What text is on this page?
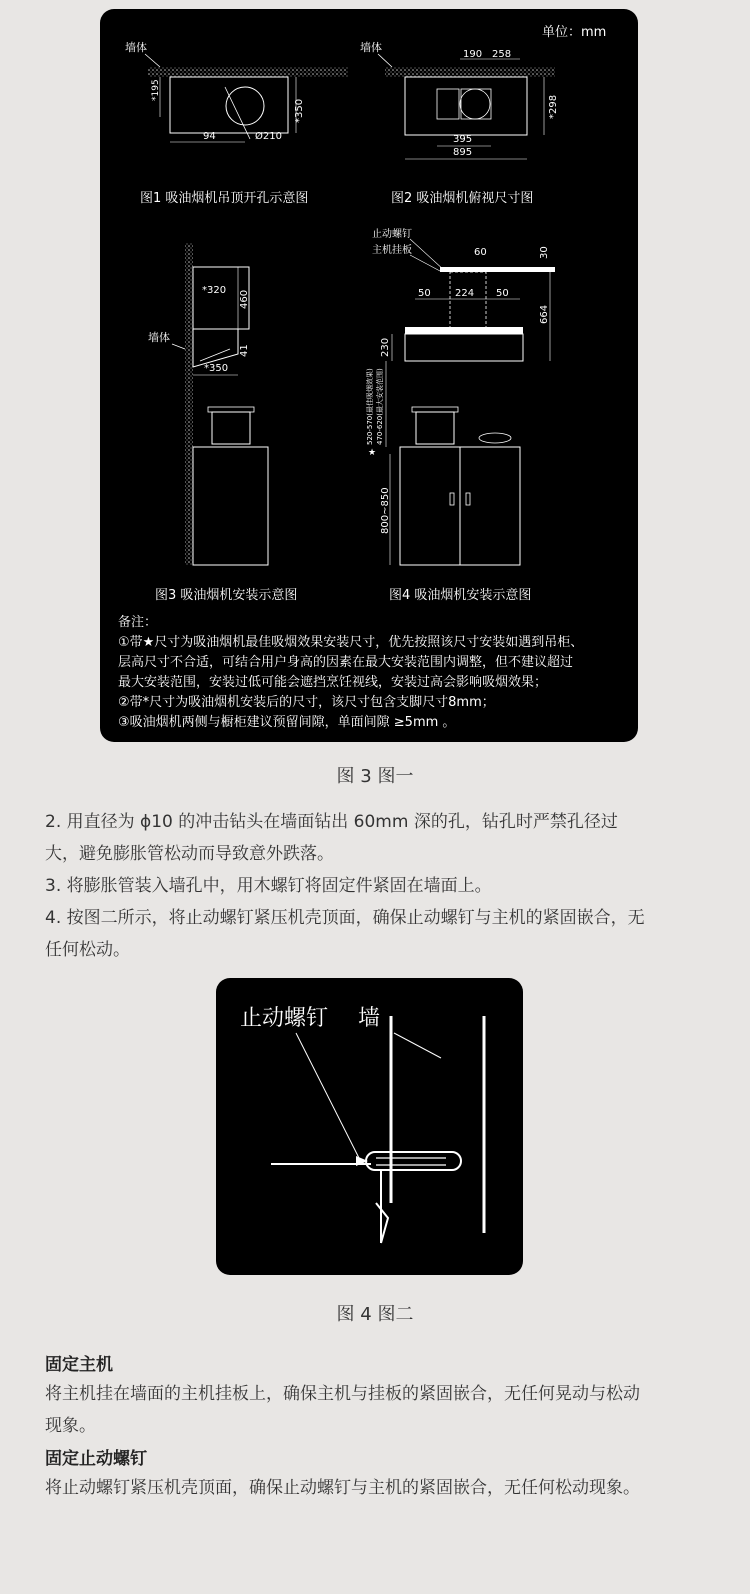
单位：mm
墙体
*195
*350
94	Ø210
图1 吸油烟机吊顶开孔示意图
墙体
190 258
*298
395
895
图2 吸油烟机俯视尺寸图
墙体
*320 460
41
*350
图3 吸油烟机安装示意图
止动螺钉
主机挂板	60	30
50 224 50
664
230
520-570(最佳吸烟效果) 470-620(最大安装范围)
★
800~850
图4 吸油烟机安装示意图
备注：
①带★尺寸为吸油烟机最佳吸烟效果安装尺寸，优先按照该尺寸安装如遇到吊柜、
层高尺寸不合适，可结合用户身高的因素在最大安装范围内调整，但不建议超过
最大安装范围，安装过低可能会遮挡烹饪视线，安装过高会影响吸烟效果；
②带*尺寸为吸油烟机安装后的尺寸，该尺寸包含支脚尺寸8mm；
③吸油烟机两侧与橱柜建议预留间隙，单面间隙 ≥5mm 。
图 3 图一

2. 用直径为 ϕ10 的冲击钻头在墙面钻出 60mm 深的孔，钻孔时严禁孔径过大，避免膨胀管松动而导致意外跌落。

3. 将膨胀管装入墙孔中，用木螺钉将固定件紧固在墙面上。

4. 按图二所示，将止动螺钉紧压机壳顶面，确保止动螺钉与主机的紧固嵌合，无任何松动。

止动螺钉 墙
图 4 图二

固定主机

将主机挂在墙面的主机挂板上，确保主机与挂板的紧固嵌合，无任何晃动与松动现象。

固定止动螺钉

将止动螺钉紧压机壳顶面，确保止动螺钉与主机的紧固嵌合，无任何松动现象。
